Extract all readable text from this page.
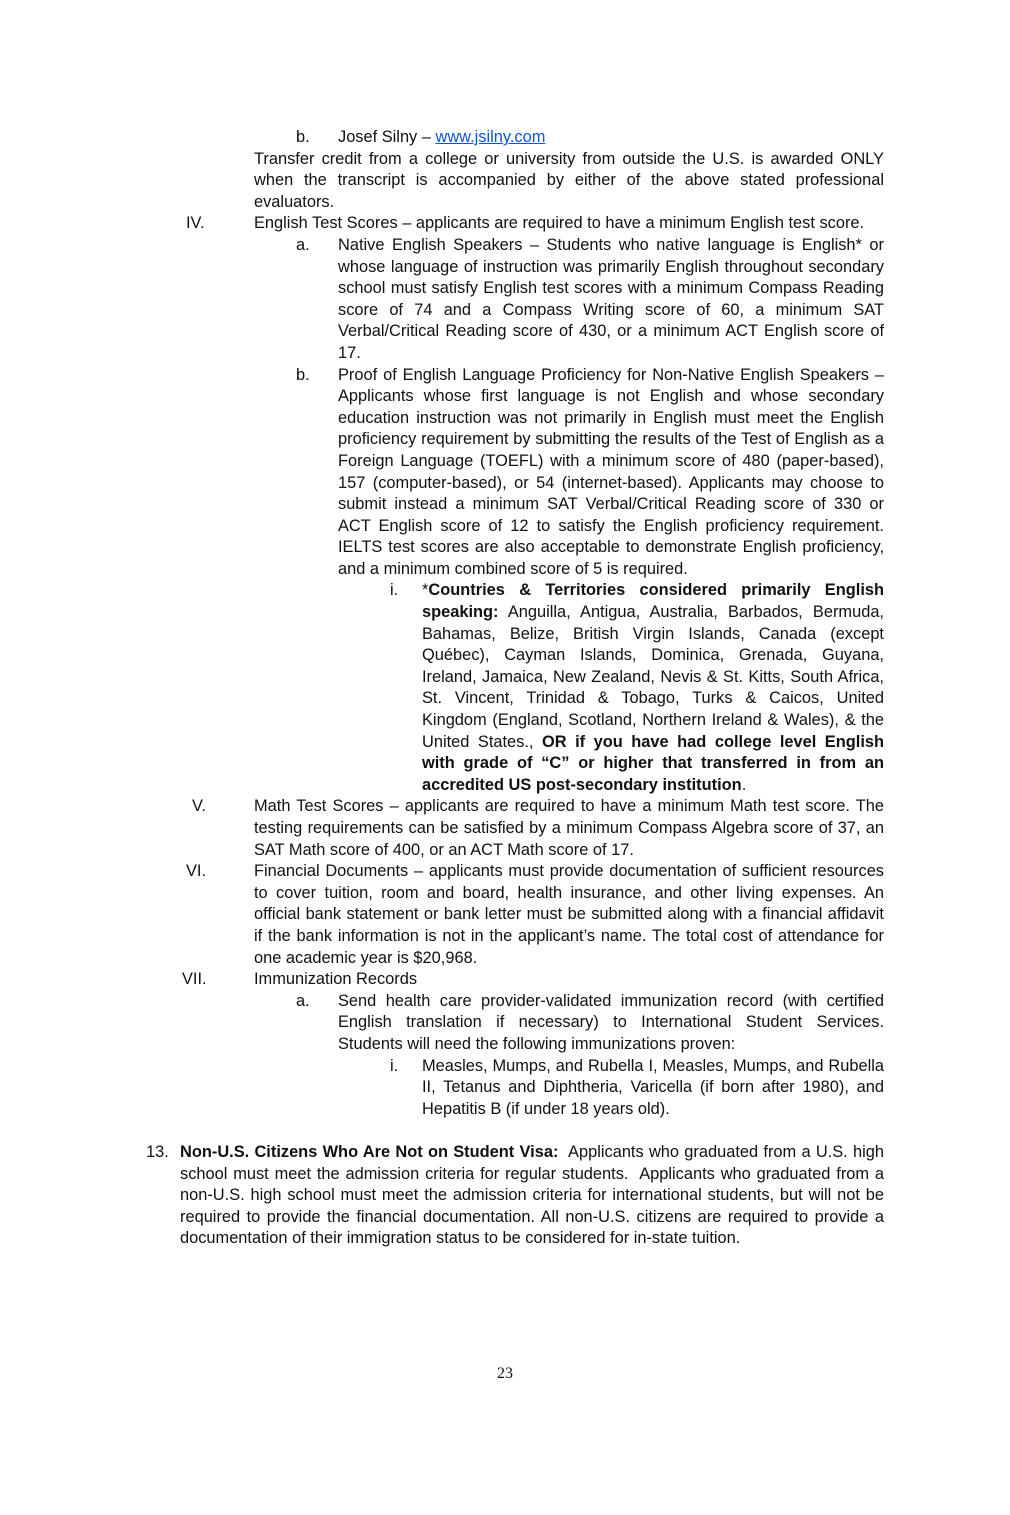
b. Josef Silny – www.jsilny.com
Transfer credit from a college or university from outside the U.S. is awarded ONLY when the transcript is accompanied by either of the above stated professional evaluators.
IV.	English Test Scores – applicants are required to have a minimum English test score.
a. Native English Speakers – Students who native language is English* or whose language of instruction was primarily English throughout secondary school must satisfy English test scores with a minimum Compass Reading score of 74 and a Compass Writing score of 60, a minimum SAT Verbal/Critical Reading score of 430, or a minimum ACT English score of 17.
b. Proof of English Language Proficiency for Non-Native English Speakers – Applicants whose first language is not English and whose secondary education instruction was not primarily in English must meet the English proficiency requirement by submitting the results of the Test of English as a Foreign Language (TOEFL) with a minimum score of 480 (paper-based), 157 (computer-based), or 54 (internet-based). Applicants may choose to submit instead a minimum SAT Verbal/Critical Reading score of 330 or ACT English score of 12 to satisfy the English proficiency requirement. IELTS test scores are also acceptable to demonstrate English proficiency, and a minimum combined score of 5 is required.
i. *Countries & Territories considered primarily English speaking: Anguilla, Antigua, Australia, Barbados, Bermuda, Bahamas, Belize, British Virgin Islands, Canada (except Québec), Cayman Islands, Dominica, Grenada, Guyana, Ireland, Jamaica, New Zealand, Nevis & St. Kitts, South Africa, St. Vincent, Trinidad & Tobago, Turks & Caicos, United Kingdom (England, Scotland, Northern Ireland & Wales), & the United States., OR if you have had college level English with grade of “C” or higher that transferred in from an accredited US post-secondary institution.
V.	Math Test Scores – applicants are required to have a minimum Math test score. The testing requirements can be satisfied by a minimum Compass Algebra score of 37, an SAT Math score of 400, or an ACT Math score of 17.
VI.	Financial Documents – applicants must provide documentation of sufficient resources to cover tuition, room and board, health insurance, and other living expenses. An official bank statement or bank letter must be submitted along with a financial affidavit if the bank information is not in the applicant’s name. The total cost of attendance for one academic year is $20,968.
VII.	Immunization Records
a. Send health care provider-validated immunization record (with certified English translation if necessary) to International Student Services. Students will need the following immunizations proven:
i. Measles, Mumps, and Rubella I, Measles, Mumps, and Rubella II, Tetanus and Diphtheria, Varicella (if born after 1980), and Hepatitis B (if under 18 years old).
13. Non-U.S. Citizens Who Are Not on Student Visa:  Applicants who graduated from a U.S. high school must meet the admission criteria for regular students.  Applicants who graduated from a non-U.S. high school must meet the admission criteria for international students, but will not be required to provide the financial documentation. All non-U.S. citizens are required to provide a documentation of their immigration status to be considered for in-state tuition.
23
